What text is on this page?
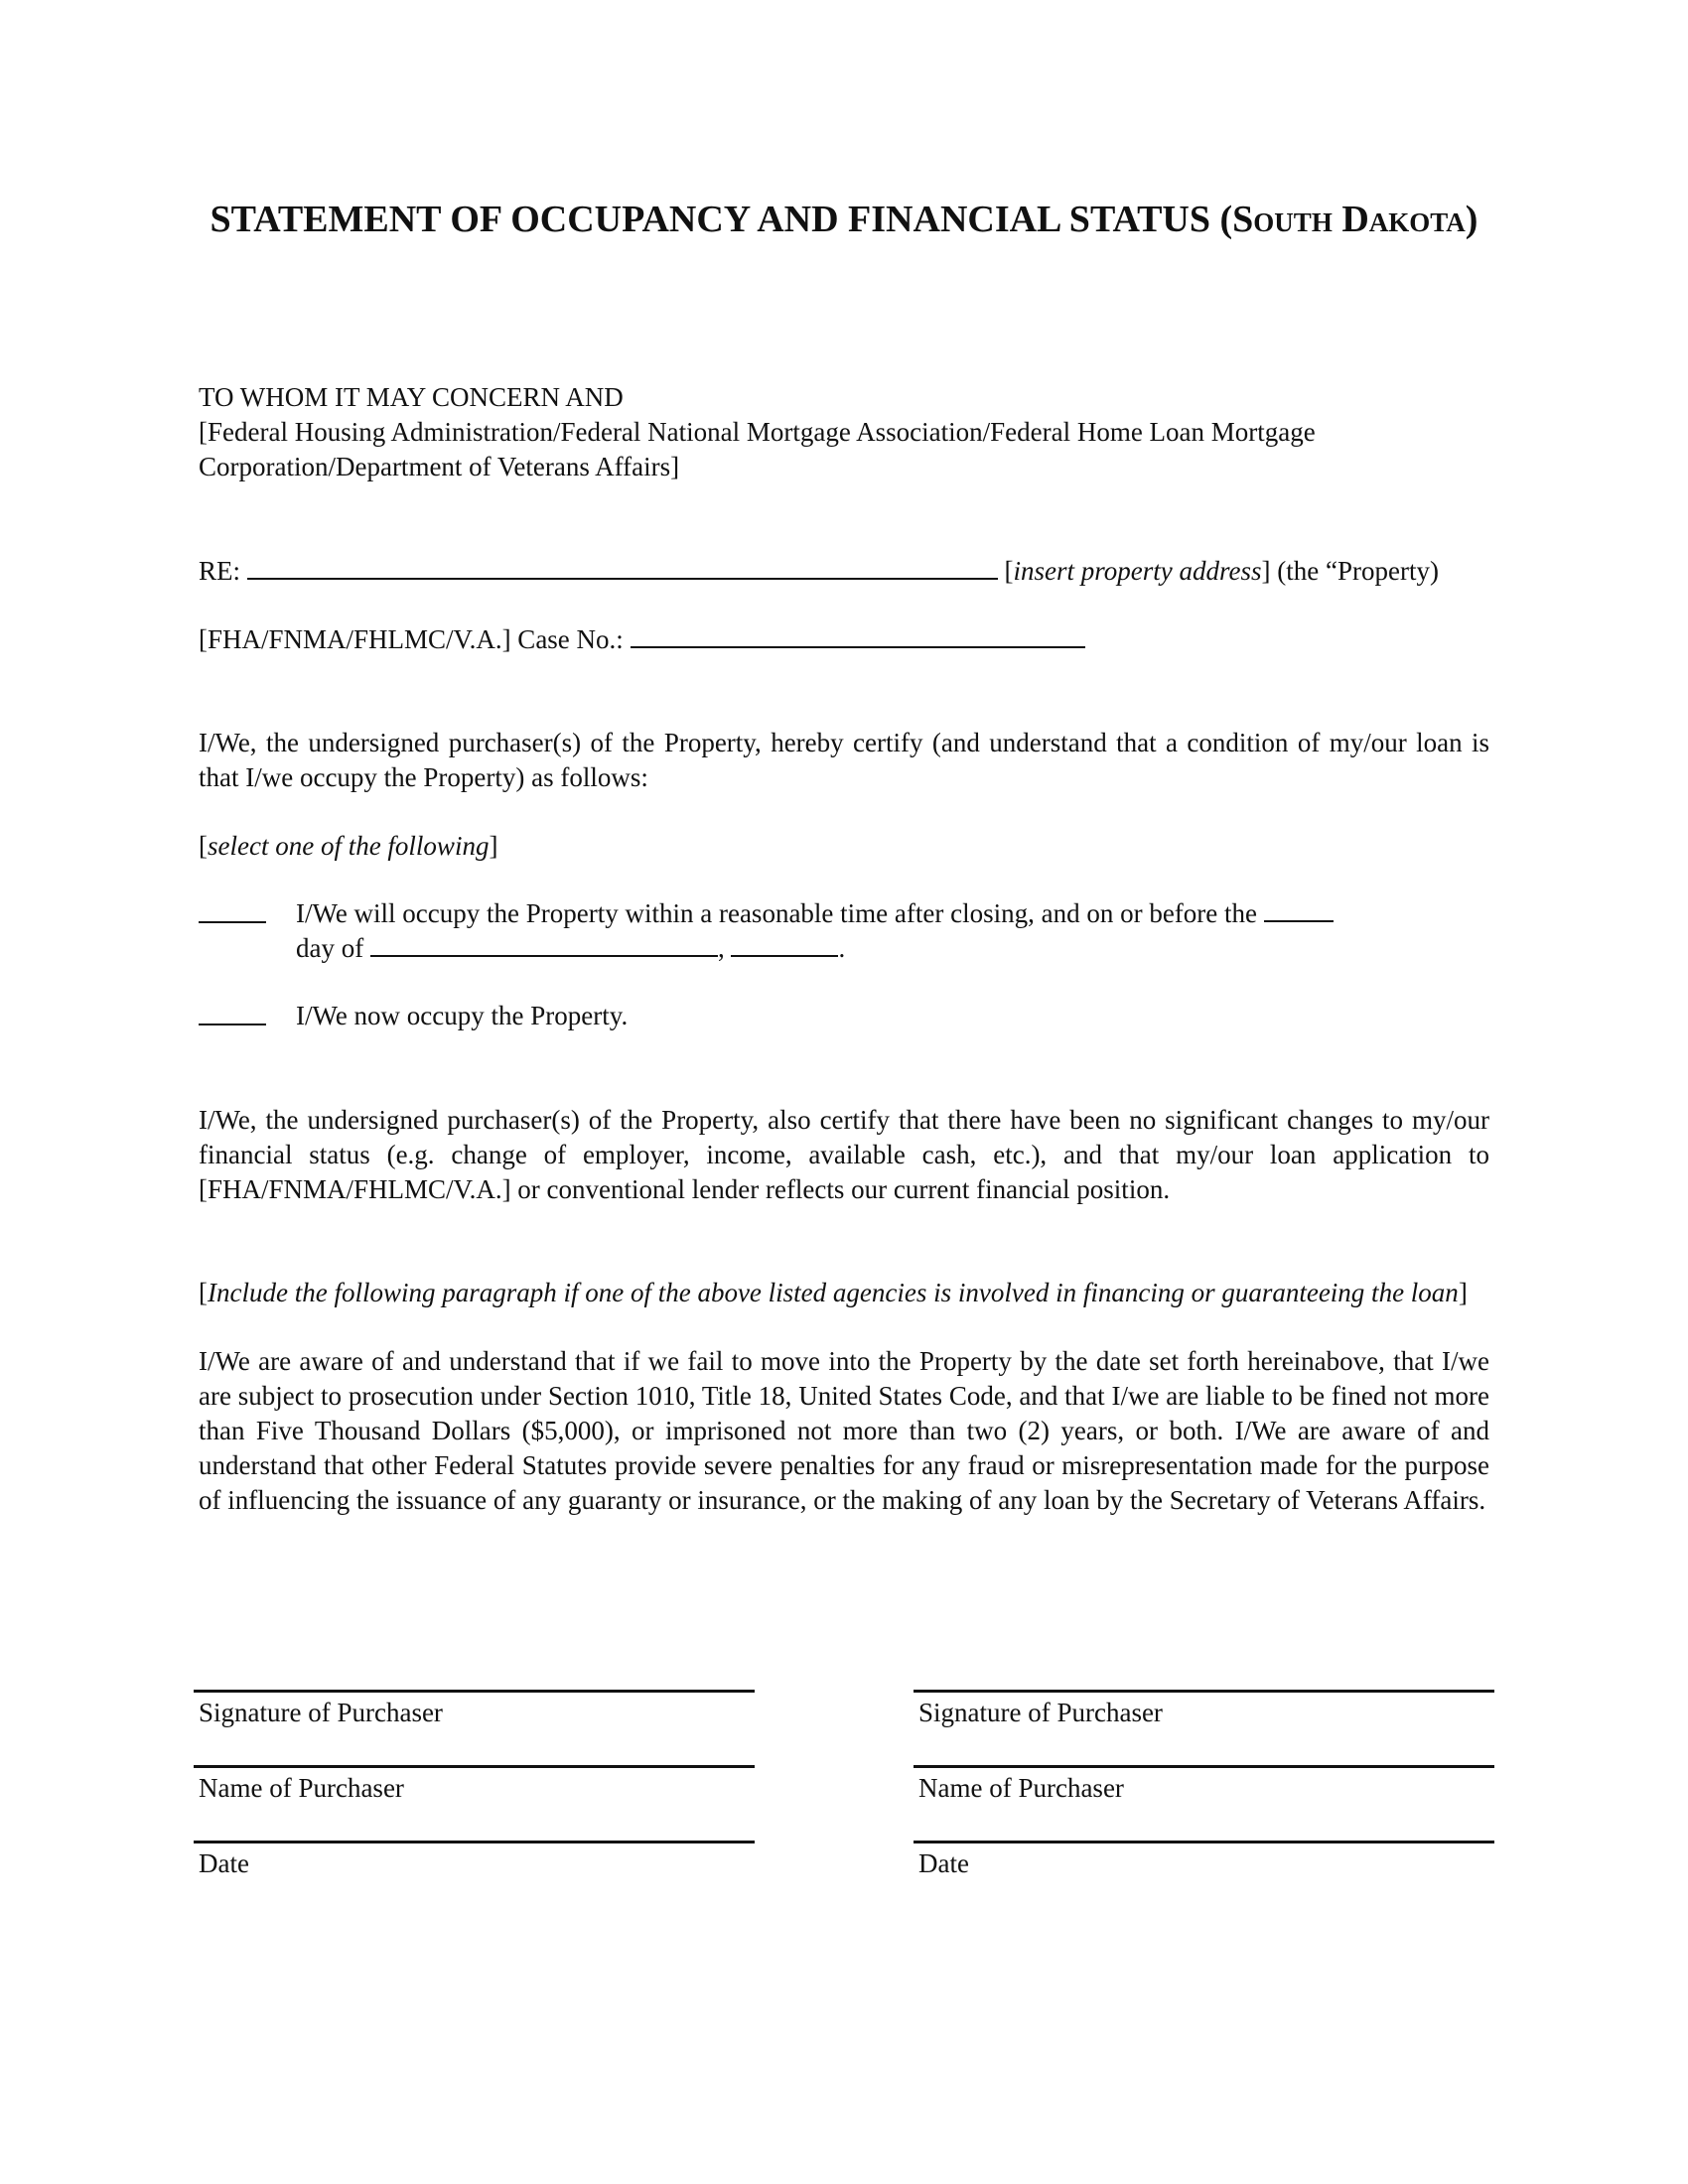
STATEMENT OF OCCUPANCY AND FINANCIAL STATUS (South Dakota)

TO WHOM IT MAY CONCERN AND

[Federal Housing Administration/Federal National Mortgage Association/Federal Home Loan Mortgage Corporation/Department of Veterans Affairs]

RE:	[insert property address] (the “Property)

[FHA/FNMA/FHLMC/V.A.] Case No.:

I/We, the undersigned purchaser(s) of the Property, hereby certify (and understand that a condition of my/our loan is that I/we occupy the Property) as follows:

[select one of the following]

I/We will occupy the Property within a reasonable time after closing, and on or before the

day of	,	.

I/We now occupy the Property.

I/We, the undersigned purchaser(s) of the Property, also certify that there have been no significant changes to my/our financial status (e.g. change of employer, income, available cash, etc.), and that my/our loan application to [FHA/FNMA/FHLMC/V.A.] or conventional lender reflects our current financial position.

[Include the following paragraph if one of the above listed agencies is involved in financing or guaranteeing the loan]

I/We are aware of and understand that if we fail to move into the Property by the date set forth hereinabove, that I/we are subject to prosecution under Section 1010, Title 18, United States Code, and that I/we are liable to be fined not more than Five Thousand Dollars ($5,000), or imprisoned not more than two (2) years, or both. I/We are aware of and understand that other Federal Statutes provide severe penalties for any fraud or misrepresentation made for the purpose of influencing the issuance of any guaranty or insurance, or the making of any loan by the Secretary of Veterans Affairs.

Signature of Purchaser
Name of Purchaser
Date
Signature of Purchaser
Name of Purchaser
Date
